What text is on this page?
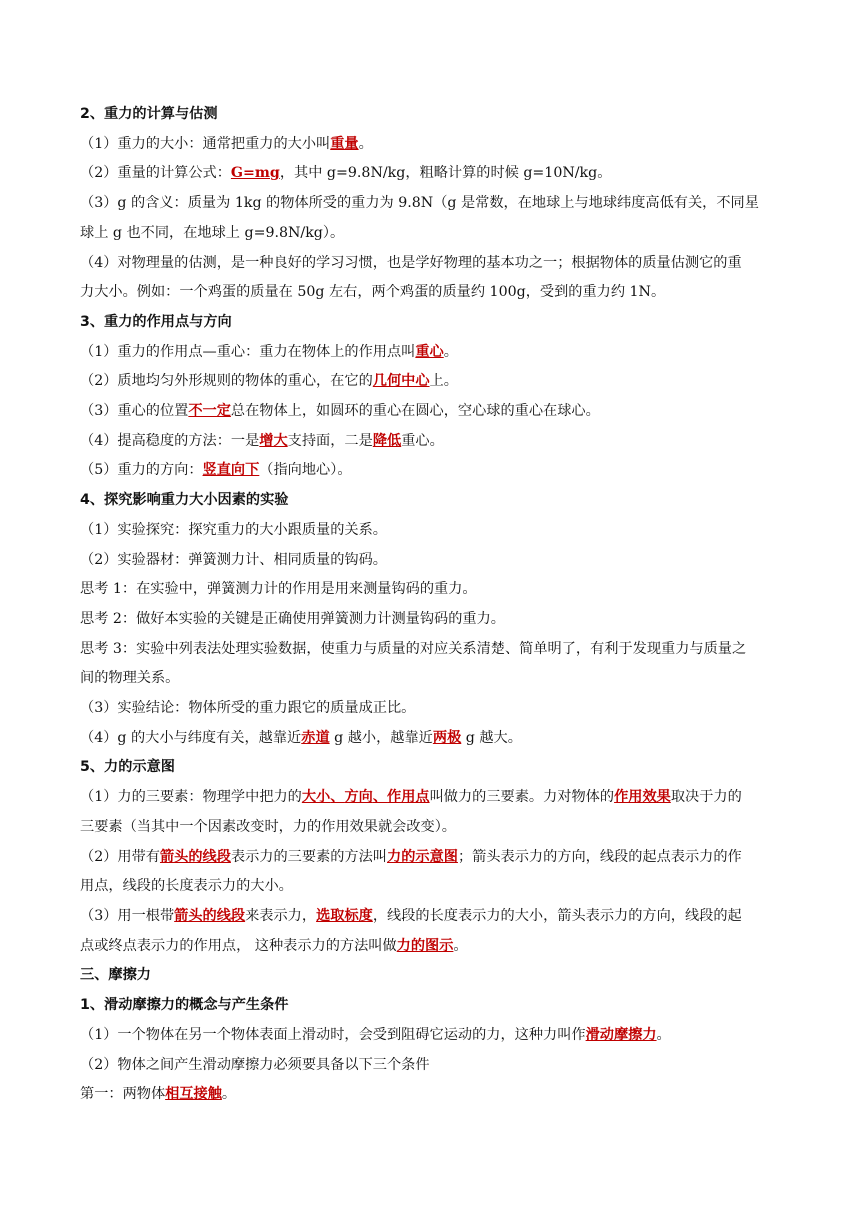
2、重力的计算与估测
（1）重力的大小：通常把重力的大小叫重量。
（2）重量的计算公式：G=mg，其中 g=9.8N/kg，粗略计算的时候 g=10N/kg。
（3）g 的含义：质量为 1kg 的物体所受的重力为 9.8N（g 是常数，在地球上与地球纬度高低有关，不同星
球上 g 也不同，在地球上 g=9.8N/kg）。
（4）对物理量的估测，是一种良好的学习习惯，也是学好物理的基本功之一；根据物体的质量估测它的重
力大小。例如：一个鸡蛋的质量在 50g 左右，两个鸡蛋的质量约 100g，受到的重力约 1N。
3、重力的作用点与方向
（1）重力的作用点—重心：重力在物体上的作用点叫重心。
（2）质地均匀外形规则的物体的重心，在它的几何中心上。
（3）重心的位置不一定总在物体上，如圆环的重心在圆心，空心球的重心在球心。
（4）提高稳度的方法：一是增大支持面，二是降低重心。
（5）重力的方向：竖直向下（指向地心）。
4、探究影响重力大小因素的实验
（1）实验探究：探究重力的大小跟质量的关系。
（2）实验器材：弹簧测力计、相同质量的钩码。
思考 1：在实验中，弹簧测力计的作用是用来测量钩码的重力。
思考 2：做好本实验的关键是正确使用弹簧测力计测量钩码的重力。
思考 3：实验中列表法处理实验数据，使重力与质量的对应关系清楚、简单明了，有利于发现重力与质量之
间的物理关系。
（3）实验结论：物体所受的重力跟它的质量成正比。
（4）g 的大小与纬度有关，越靠近赤道 g 越小，越靠近两极 g 越大。
5、力的示意图
（1）力的三要素：物理学中把力的大小、方向、作用点叫做力的三要素。力对物体的作用效果取决于力的
三要素（当其中一个因素改变时，力的作用效果就会改变）。
（2）用带有箭头的线段表示力的三要素的方法叫力的示意图；箭头表示力的方向，线段的起点表示力的作
用点，线段的长度表示力的大小。
（3）用一根带箭头的线段来表示力，选取标度，线段的长度表示力的大小，箭头表示力的方向，线段的起
点或终点表示力的作用点， 这种表示力的方法叫做力的图示。
三、摩擦力
1、滑动摩擦力的概念与产生条件
（1）一个物体在另一个物体表面上滑动时，会受到阻碍它运动的力，这种力叫作滑动摩擦力。
（2）物体之间产生滑动摩擦力必须要具备以下三个条件
第一：两物体相互接触。
